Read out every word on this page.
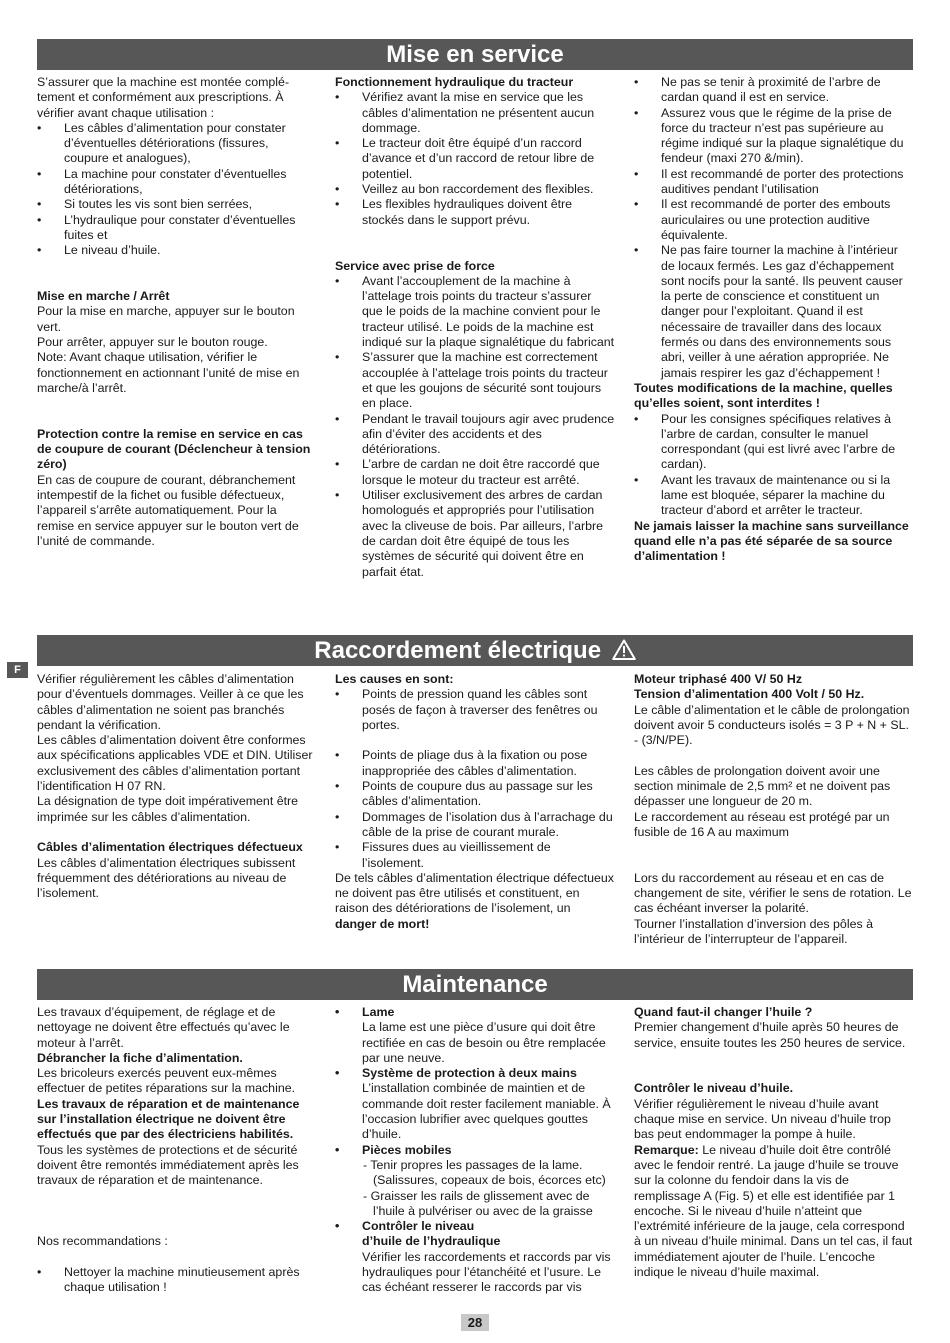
Mise en service

S’assurer que la machine est montée complé-tement et conformément aux prescriptions. À vérifier avant chaque utilisation :

• Les câbles d’alimentation pour constater d’éventuelles détériorations (fissures, coupure et analogues),
• La machine pour constater d’éventuelles détériorations,
• Si toutes les vis sont bien serrées,
• L’hydraulique pour constater d’éventuelles fuites et
• Le niveau d’huile.

Mise en marche / Arrêt

Pour la mise en marche, appuyer sur le bouton vert.

Pour arrêter, appuyer sur le bouton rouge.

Note: Avant chaque utilisation, vérifier le fonctionnement en actionnant l’unité de mise en marche/à l’arrêt.

Protection contre la remise en service en cas de coupure de courant (Déclencheur à tension zéro)

En cas de coupure de courant, débranchement intempestif de la fichet ou fusible défectueux, l’appareil s’arrête automatiquement. Pour la remise en service appuyer sur le bouton vert de l’unité de commande.

Fonctionnement hydraulique du tracteur

• Vérifiez avant la mise en service que les câbles d’alimentation ne présentent aucun dommage.
• Le tracteur doit être équipé d’un raccord d’avance et d’un raccord de retour libre de potentiel.
• Veillez au bon raccordement des flexibles.
• Les flexibles hydrauliques doivent être stockés dans le support prévu.

Service avec prise de force

• Avant l’accouplement de la machine à l’attelage trois points du tracteur s’assurer que le poids de la machine convient pour le tracteur utilisé. Le poids de la machine est indiqué sur la plaque signalétique du fabricant
• S’assurer que la machine est correctement accouplée à l’attelage trois points du tracteur et que les goujons de sécurité sont toujours en place.
• Pendant le travail toujours agir avec prudence afin d’éviter des accidents et des détériorations.
• L’arbre de cardan ne doit être raccordé que lorsque le moteur du tracteur est arrêté.
• Utiliser exclusivement des arbres de cardan homologués et appropriés pour l’utilisation avec la cliveuse de bois. Par ailleurs, l’arbre de cardan doit être équipé de tous les systèmes de sécurité qui doivent être en parfait état.
• Ne pas se tenir à proximité de l’arbre de cardan quand il est en service.
• Assurez vous que le régime de la prise de force du tracteur n’est pas supérieure au régime indiqué sur la plaque signalétique du fendeur (maxi 270 &/min).
• Il est recommandé de porter des protections auditives pendant l’utilisation
• Il est recommandé de porter des embouts auriculaires ou une protection auditive équivalente.
• Ne pas faire tourner la machine à l’intérieur de locaux fermés. Les gaz d’échappement sont nocifs pour la santé. Ils peuvent causer la perte de conscience et constituent un danger pour l’exploitant. Quand il est nécessaire de travailler dans des locaux fermés ou dans des environnements sous abri, veiller à une aération appropriée. Ne jamais respirer les gaz d’échappement !

Toutes modifications de la machine, quelles qu’elles soient, sont interdites !

• Pour les consignes spécifiques relatives à l’arbre de cardan, consulter le manuel correspondant (qui est livré avec l’arbre de cardan).
• Avant les travaux de maintenance ou si la lame est bloquée, séparer la machine du tracteur d’abord et arrêter le tracteur.

Ne jamais laisser la machine sans surveillance quand elle n’a pas été séparée de sa source d’alimentation !

Raccordement électrique
F

Vérifier régulièrement les câbles d’alimentation pour d’éventuels dommages. Veiller à ce que les câbles d’alimentation ne soient pas branchés pendant la vérification.

Les câbles d’alimentation doivent être conformes aux spécifications applicables VDE et DIN. Utiliser exclusivement des câbles d’alimentation portant l’identification H 07 RN.

La désignation de type doit impérativement être imprimée sur les câbles d’alimentation.

Câbles d’alimentation électriques défectueux

Les câbles d’alimentation électriques subissent fréquemment des détériorations au niveau de l’isolement.

Les causes en sont:

• Points de pression quand les câbles sont posés de façon à traverser des fenêtres ou portes.
• Points de pliage dus à la fixation ou pose inappropriée des câbles d’alimentation.
• Points de coupure dus au passage sur les câbles d’alimentation.
• Dommages de l’isolation dus à l’arrachage du câble de la prise de courant murale.
• Fissures dues au vieillissement de l’isolement.

De tels câbles d’alimentation électrique défectueux ne doivent pas être utilisés et constituent, en raison des détériorations de l’isolement, un danger de mort!

Moteur triphasé 400 V/ 50 Hz

Tension d’alimentation 400 Volt / 50 Hz.

Le câble d’alimentation et le câble de prolongation doivent avoir 5 conducteurs isolés = 3 P + N + SL. - (3/N/PE).

Les câbles de prolongation doivent avoir une section minimale de 2,5 mm² et ne doivent pas dépasser une longueur de 20 m.

Le raccordement au réseau est protégé par un fusible de 16 A au maximum

Lors du raccordement au réseau et en cas de changement de site, vérifier le sens de rotation. Le cas échéant inverser la polarité.

Tourner l’installation d’inversion des pôles à l’intérieur de l’interrupteur de l’appareil.

Maintenance

Les travaux d’équipement, de réglage et de nettoyage ne doivent être effectués qu’avec le moteur à l’arrêt.

Débrancher la fiche d’alimentation.

Les bricoleurs exercés peuvent eux-mêmes effectuer de petites réparations sur la machine.

Les travaux de réparation et de maintenance sur l’installation électrique ne doivent être effectués que par des électriciens habilités.

Tous les systèmes de protections et de sécurité doivent être remontés immédiatement après les travaux de réparation et de maintenance.

Nos recommandations :

• Nettoyer la machine minutieusement après chaque utilisation !
• Lame

La lame est une pièce d’usure qui doit être rectifiée en cas de besoin ou être remplacée par une neuve.

• Système de protection à deux mains

L’installation combinée de maintien et de commande doit rester facilement maniable. À l’occasion lubrifier avec quelques gouttes d’huile.

• Pièces mobiles

- Tenir propres les passages de la lame. (Salissures, copeaux de bois, écorces etc)

- Graisser les rails de glissement avec de l’huile à pulvériser ou avec de la graisse

• Contrôler le niveau

d’huile de l’hydraulique

Vérifier les raccordements et raccords par vis hydrauliques pour l’étanchéité et l’usure. Le cas échéant resserer le raccords par vis

Quand faut-il changer l’huile ?

Premier changement d’huile après 50 heures de service, ensuite toutes les 250 heures de service.

Contrôler le niveau d’huile.

Vérifier régulièrement le niveau d’huile avant chaque mise en service. Un niveau d’huile trop bas peut endommager la pompe à huile.

Remarque: Le niveau d’huile doit être contrôlé avec le fendoir rentré. La jauge d’huile se trouve sur la colonne du fendoir dans la vis de remplissage A (Fig. 5) et elle est identifiée par 1 encoche. Si le niveau d’huile n’atteint que l’extrémité inférieure de la jauge, cela correspond à un niveau d’huile minimal. Dans un tel cas, il faut immédiatement ajouter de l’huile. L’encoche indique le niveau d’huile maximal.

28
